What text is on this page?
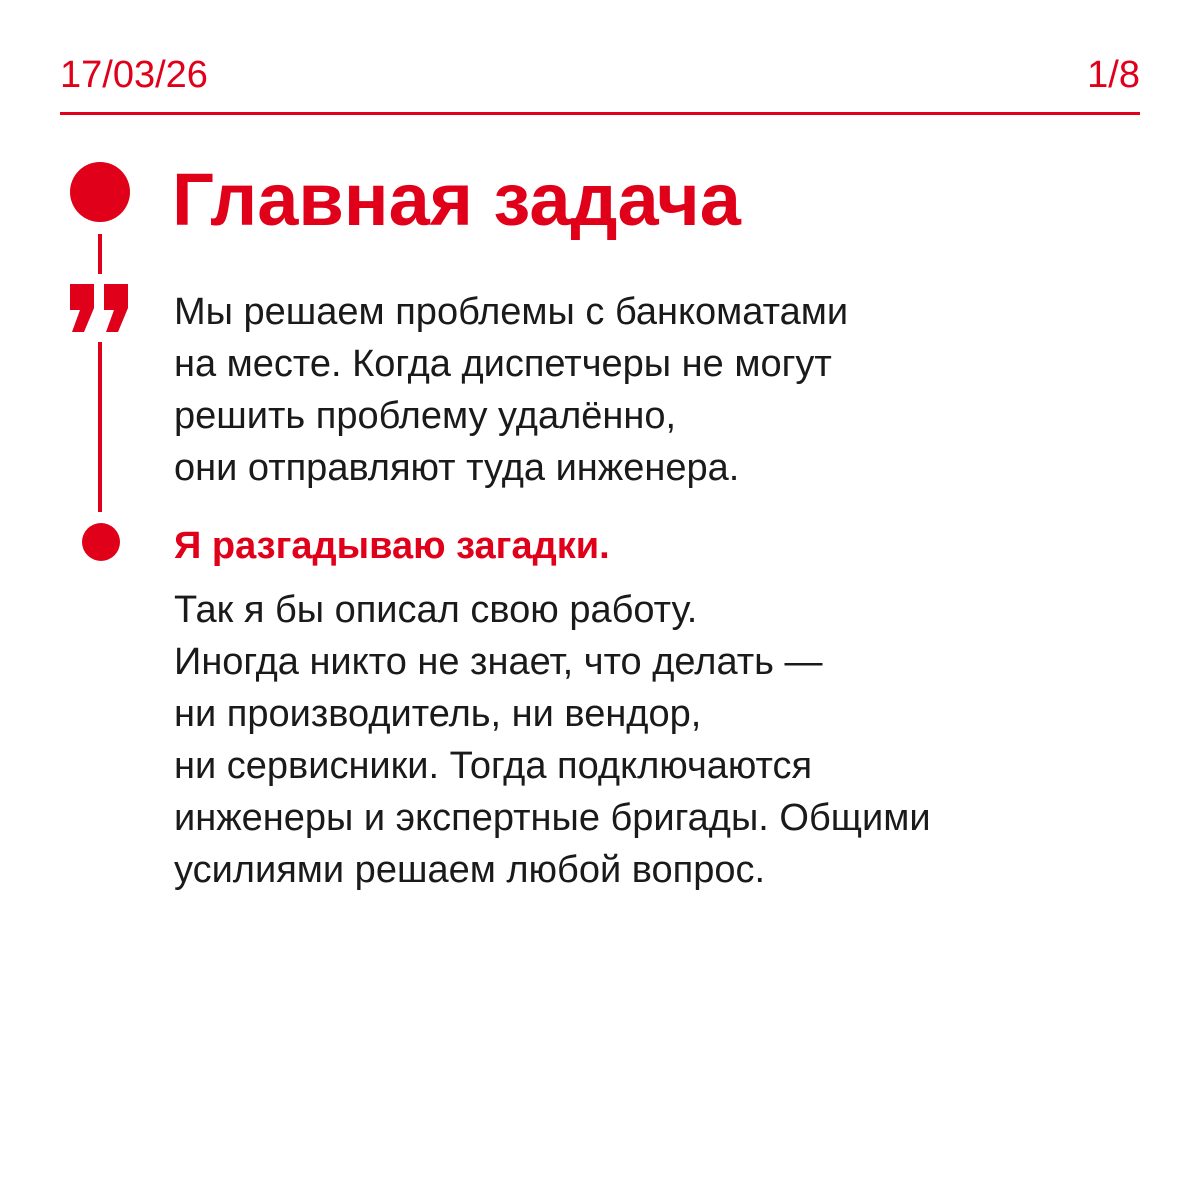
17/03/26	1/8
Главная задача
Мы решаем проблемы с банкоматами
на месте. Когда диспетчеры не могут
решить проблему удалённо,
они отправляют туда инженера.
Я разгадываю загадки.
Так я бы описал свою работу.
Иногда никто не знает, что делать —
ни производитель, ни вендор,
ни сервисники. Тогда подключаются
инженеры и экспертные бригады. Общими
усилиями решаем любой вопрос.
